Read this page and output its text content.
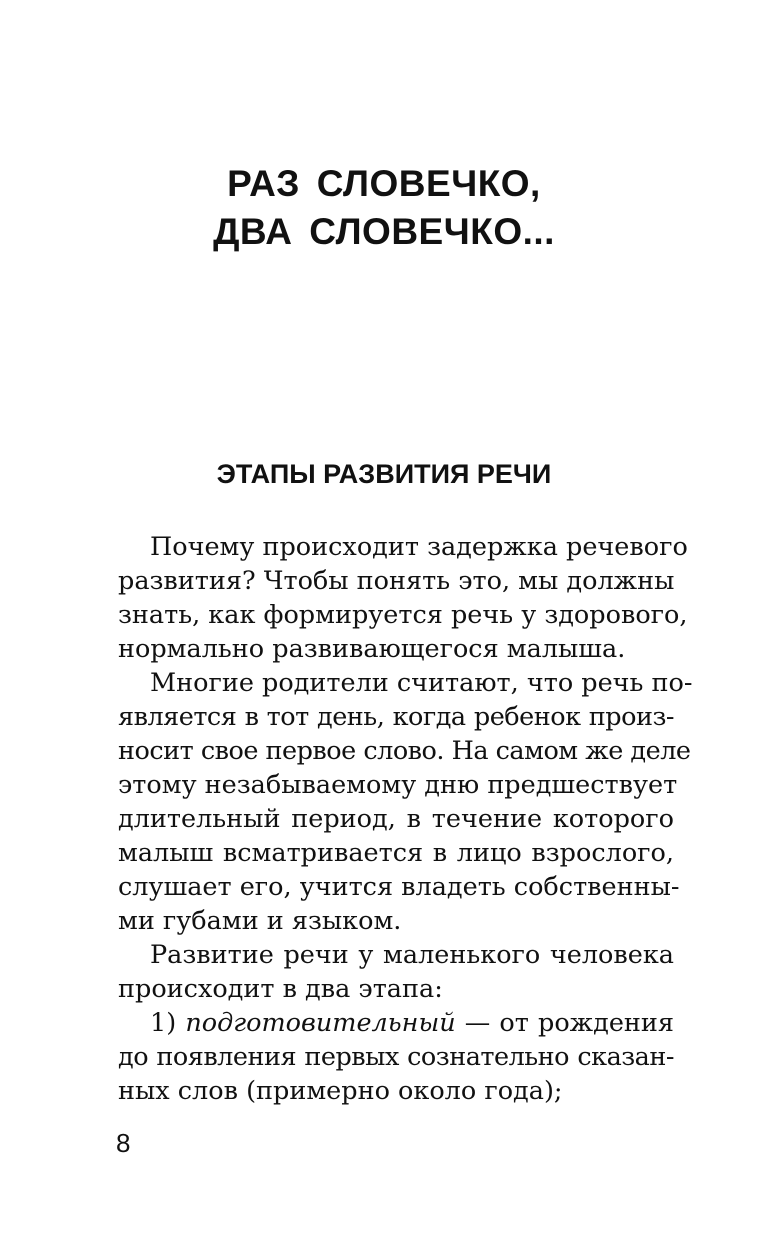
РАЗ СЛОВЕЧКО,
ДВА СЛОВЕЧКО...
ЭТАПЫ РАЗВИТИЯ РЕЧИ
Почему происходит задержка речевого
развития? Чтобы понять это, мы должны
знать, как формируется речь у здорового,
нормально развивающегося малыша.
Многие родители считают, что речь по-
является в тот день, когда ребенок произ-
носит свое первое слово. На самом же деле
этому незабываемому дню предшествует
длительный период, в течение которого
малыш всматривается в лицо взрослого,
слушает его, учится владеть собственны-
ми губами и языком.
Развитие речи у маленького человека
происходит в два этапа:
1) подготовительный — от рождения
до появления первых сознательно сказан-
ных слов (примерно около года);
8
